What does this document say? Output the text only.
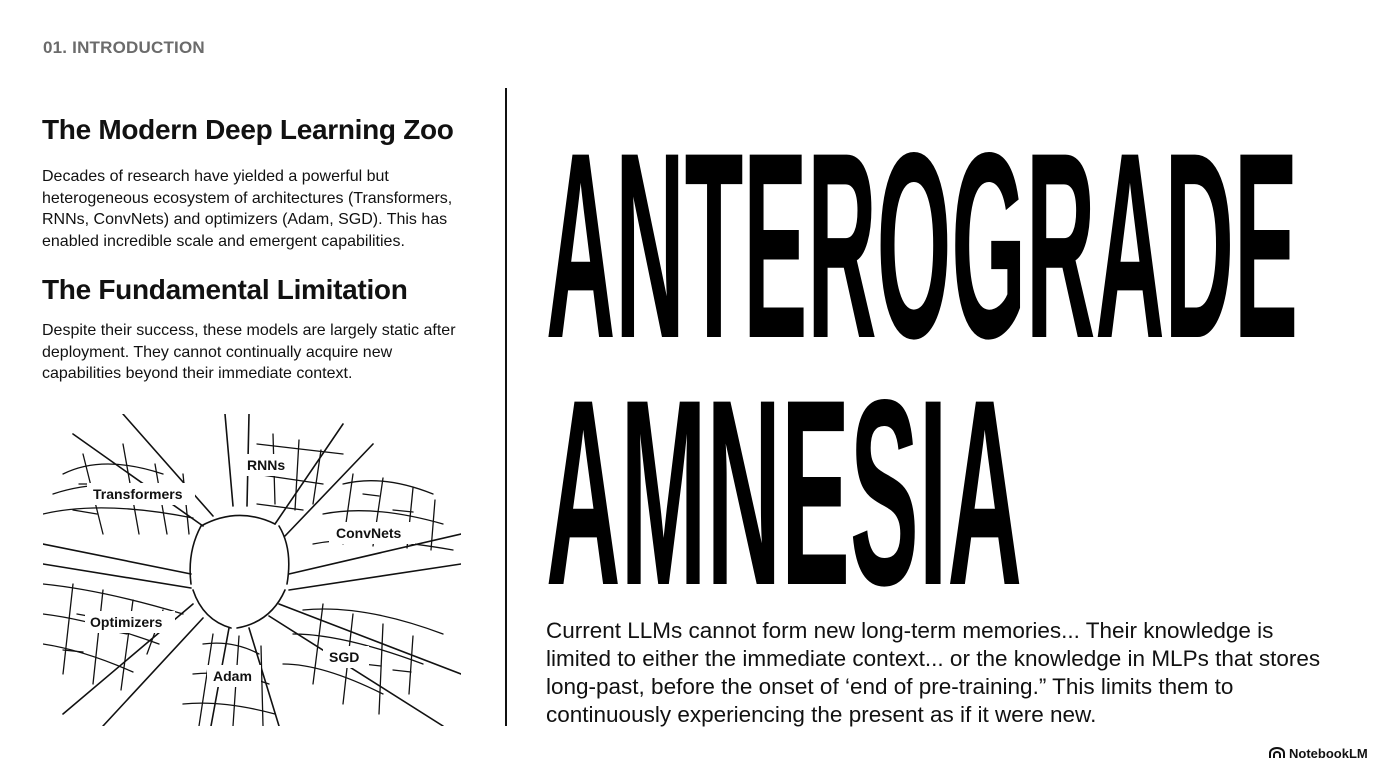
01. INTRODUCTION
The Modern Deep Learning Zoo

Decades of research have yielded a powerful but heterogeneous ecosystem of architectures (Transformers, RNNs, ConvNets) and optimizers (Adam, SGD). This has enabled incredible scale and emergent capabilities.

The Fundamental Limitation

Despite their success, these models are largely static after deployment. They cannot continually acquire new capabilities beyond their immediate context.

RNNs
Transformers
ConvNets
Optimizers
SGD
Adam
ANTEROGRADE
AMNESIA

Current LLMs cannot form new long-term memories... Their knowledge is limited to either the immediate context... or the knowledge in MLPs that stores long-past, before the onset of ‘end of pre-training.” This limits them to continuously experiencing the present as if it were new.

NotebookLM
